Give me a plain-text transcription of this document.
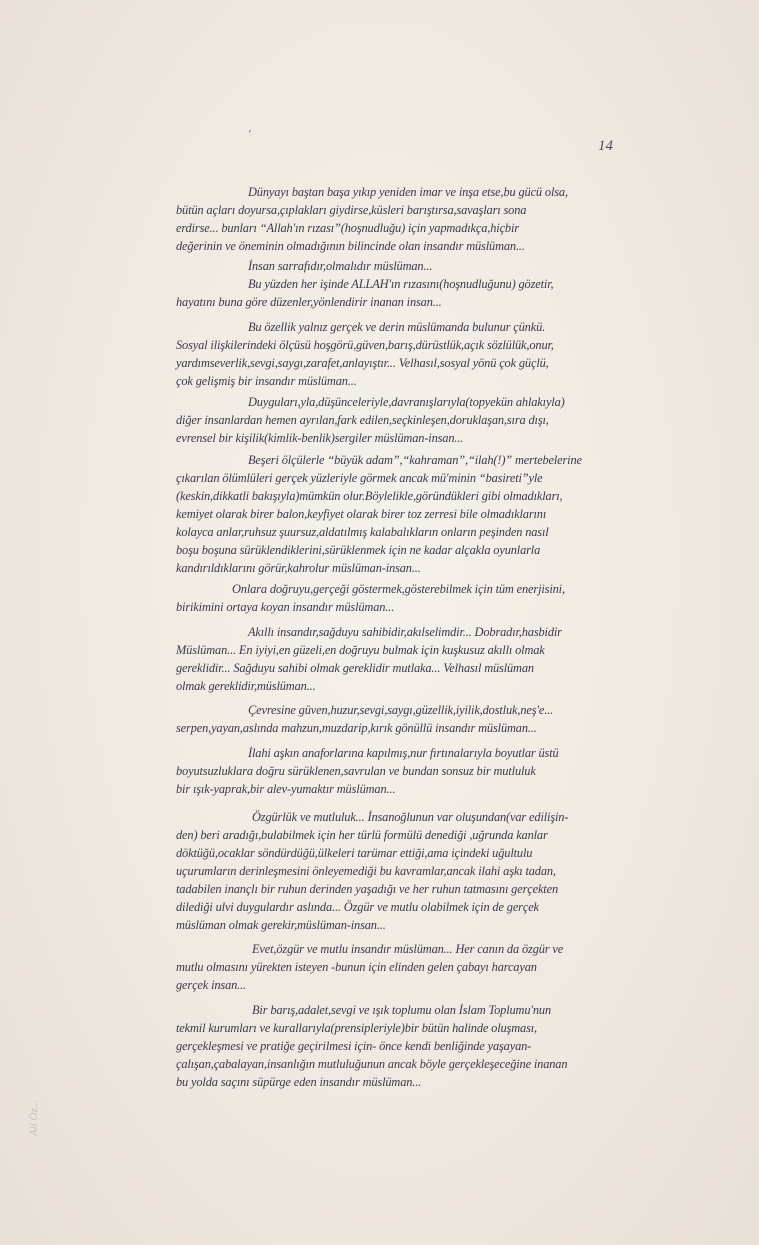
‘
14

Dünyayı baştan başa yıkıp yeniden imar ve inşa etse,bu gücü olsa,
bütün açları doyursa,çıplakları giydirse,küsleri barıştırsa,savaşları sona
erdirse... bunları “Allah'ın rızası”(hoşnudluğu) için yapmadıkça,hiçbir
değerinin ve öneminin olmadığının bilincinde olan insandır müslüman...

İnsan sarrafıdır,olmalıdır müslüman...

Bu yüzden her işinde ALLAH'ın rızasını(hoşnudluğunu) gözetir,
hayatını buna göre düzenler,yönlendirir inanan insan...

Bu özellik yalnız gerçek ve derin müslümanda bulunur çünkü.
Sosyal ilişkilerindeki ölçüsü hoşgörü,güven,barış,dürüstlük,açık sözlülük,onur,
yardımseverlik,sevgi,saygı,zarafet,anlayıştır... Velhasıl,sosyal yönü çok güçlü,
çok gelişmiş bir insandır müslüman...

Duyguları,yla,düşünceleriyle,davranışlarıyla(topyekün ahlakıyla)
diğer insanlardan hemen ayrılan,fark edilen,seçkinleşen,doruklaşan,sıra dışı,
evrensel bir kişilik(kimlik-benlik)sergiler müslüman-insan...

Beşeri ölçülerle “büyük adam”,“kahraman”,“ilah(!)” mertebelerine
çıkarılan ölümlüleri gerçek yüzleriyle görmek ancak mü'minin “basireti”yle
(keskin,dikkatli bakışıyla)mümkün olur.Böylelikle,göründükleri gibi olmadıkları,
kemiyet olarak birer balon,keyfiyet olarak birer toz zerresi bile olmadıklarını
kolayca anlar,ruhsuz şuursuz,aldatılmış kalabalıkların onların peşinden nasıl
boşu boşuna sürüklendiklerini,sürüklenmek için ne kadar alçakla oyunlarla
kandırıldıklarını görür,kahrolur müslüman-insan...

Onlara doğruyu,gerçeği göstermek,gösterebilmek için tüm enerjisini,
birikimini ortaya koyan insandır müslüman...

Akıllı insandır,sağduyu sahibidir,akılselimdir... Dobradır,hasbidir
Müslüman... En iyiyi,en güzeli,en doğruyu bulmak için kuşkusuz akıllı olmak
gereklidir... Sağduyu sahibi olmak gereklidir mutlaka... Velhasıl müslüman
olmak gereklidir,müslüman...

Çevresine güven,huzur,sevgi,saygı,güzellik,iyilik,dostluk,neş'e...
serpen,yayan,aslında mahzun,muzdarip,kırık gönüllü insandır müslüman...

İlahi aşkın anaforlarına kapılmış,nur fırtınalarıyla boyutlar üstü
boyutsuzluklara doğru sürüklenen,savrulan ve bundan sonsuz bir mutluluk
bir ışık-yaprak,bir alev-yumaktır müslüman...

Özgürlük ve mutluluk... İnsanoğlunun var oluşundan(var edilişin-
den) beri aradığı,bulabilmek için her türlü formülü denediği ,uğrunda kanlar
döktüğü,ocaklar söndürdüğü,ülkeleri tarümar ettiği,ama içindeki uğultulu
uçurumların derinleşmesini önleyemediği bu kavramlar,ancak ilahi aşkı tadan,
tadabilen inançlı bir ruhun derinden yaşadığı ve her ruhun tatmasını gerçekten
dilediği ulvi duygulardır aslında... Özgür ve mutlu olabilmek için de gerçek
müslüman olmak gerekir,müslüman-insan...

Evet,özgür ve mutlu insandır müslüman... Her canın da özgür ve
mutlu olmasını yürekten isteyen -bunun için elinden gelen çabayı harcayan
gerçek insan...

Bir barış,adalet,sevgi ve ışık toplumu olan İslam Toplumu'nun
tekmil kurumları ve kurallarıyla(prensipleriyle)bir bütün halinde oluşması,
gerçekleşmesi ve pratiğe geçirilmesi için- önce kendi benliğinde yaşayan-
çalışan,çabalayan,insanlığın mutluluğunun ancak böyle gerçekleşeceğine inanan
bu yolda saçını süpürge eden insandır müslüman...

Ali Öz...
